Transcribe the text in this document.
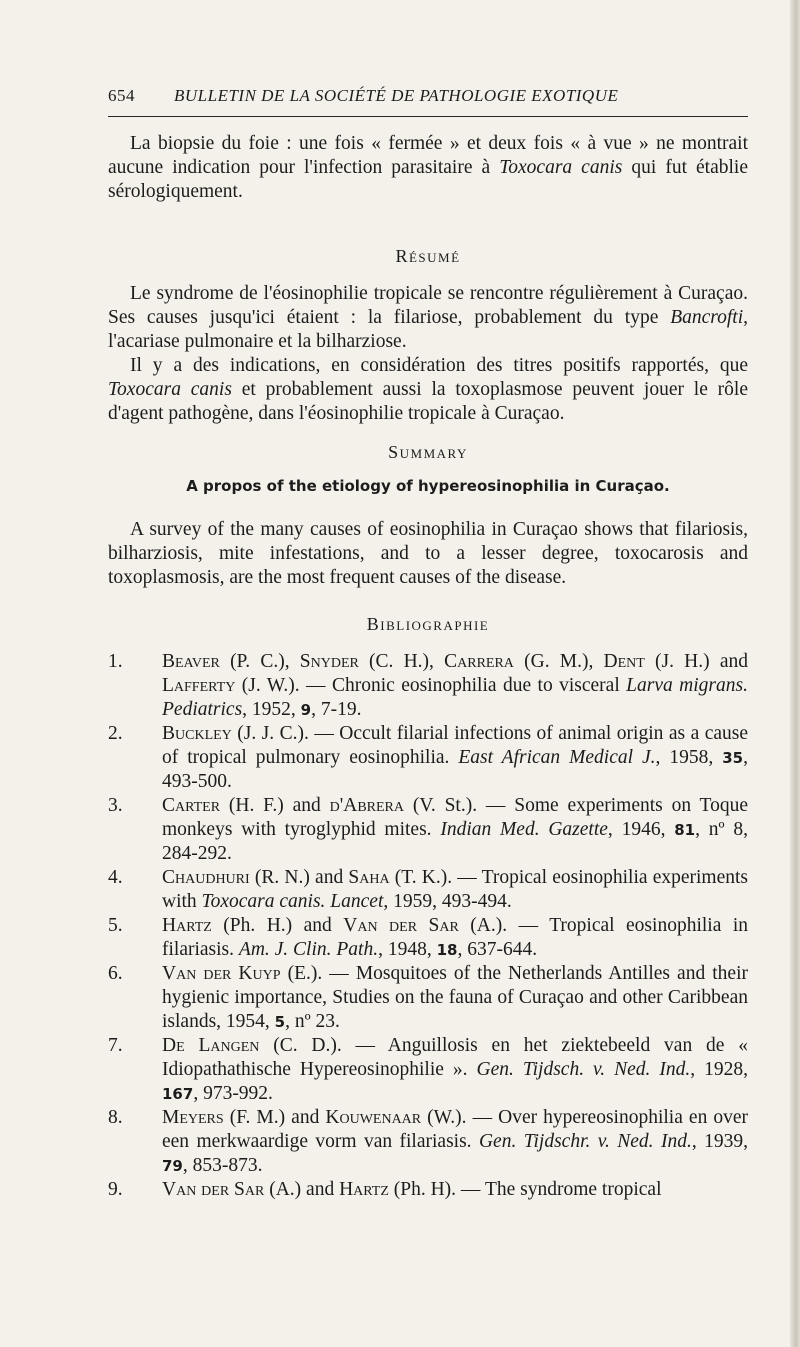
654 BULLETIN DE LA SOCIÉTÉ DE PATHOLOGIE EXOTIQUE

La biopsie du foie : une fois « fermée » et deux fois « à vue » ne montrait aucune indication pour l'infection parasitaire à Toxocara canis qui fut établie sérologiquement.

Résumé

Le syndrome de l'éosinophilie tropicale se rencontre régulièrement à Curaçao. Ses causes jusqu'ici étaient : la filariose, probablement du type Bancrofti, l'acariase pulmonaire et la bilharziose.

Il y a des indications, en considération des titres positifs rapportés, que Toxocara canis et probablement aussi la toxoplasmose peuvent jouer le rôle d'agent pathogène, dans l'éosinophilie tropicale à Curaçao.

Summary
A propos of the etiology of hypereosinophilia in Curaçao.

A survey of the many causes of eosinophilia in Curaçao shows that filariosis, bilharziosis, mite infestations, and to a lesser degree, toxocarosis and toxoplasmosis, are the most frequent causes of the disease.

Bibliographie

1.	Beaver (P. C.), Snyder (C. H.), Carrera (G. M.), Dent (J. H.) and Lafferty (J. W.). — Chronic eosinophilia due to visceral Larva migrans. Pediatrics, 1952, 9, 7-19.

2.	Buckley (J. J. C.). — Occult filarial infections of animal origin as a cause of tropical pulmonary eosinophilia. East African Medical J., 1958, 35, 493-500.

3.	Carter (H. F.) and d'Abrera (V. St.). — Some experiments on Toque monkeys with tyroglyphid mites. Indian Med. Gazette, 1946, 81, nº 8, 284-292.

4.	Chaudhuri (R. N.) and Saha (T. K.). — Tropical eosinophilia experiments with Toxocara canis. Lancet, 1959, 493-494.

5.	Hartz (Ph. H.) and Van der Sar (A.). — Tropical eosinophilia in filariasis. Am. J. Clin. Path., 1948, 18, 637-644.

6.	Van der Kuyp (E.). — Mosquitoes of the Netherlands Antilles and their hygienic importance, Studies on the fauna of Curaçao and other Caribbean islands, 1954, 5, nº 23.

7.	De Langen (C. D.). — Anguillosis en het ziektebeeld van de « Idiopathathische Hypereosinophilie ». Gen. Tijdsch. v. Ned. Ind., 1928, 167, 973-992.

8.	Meyers (F. M.) and Kouwenaar (W.). — Over hypereosinophilia en over een merkwaardige vorm van filariasis. Gen. Tijdschr. v. Ned. Ind., 1939, 79, 853-873.

9.	Van der Sar (A.) and Hartz (Ph. H). — The syndrome tropical
